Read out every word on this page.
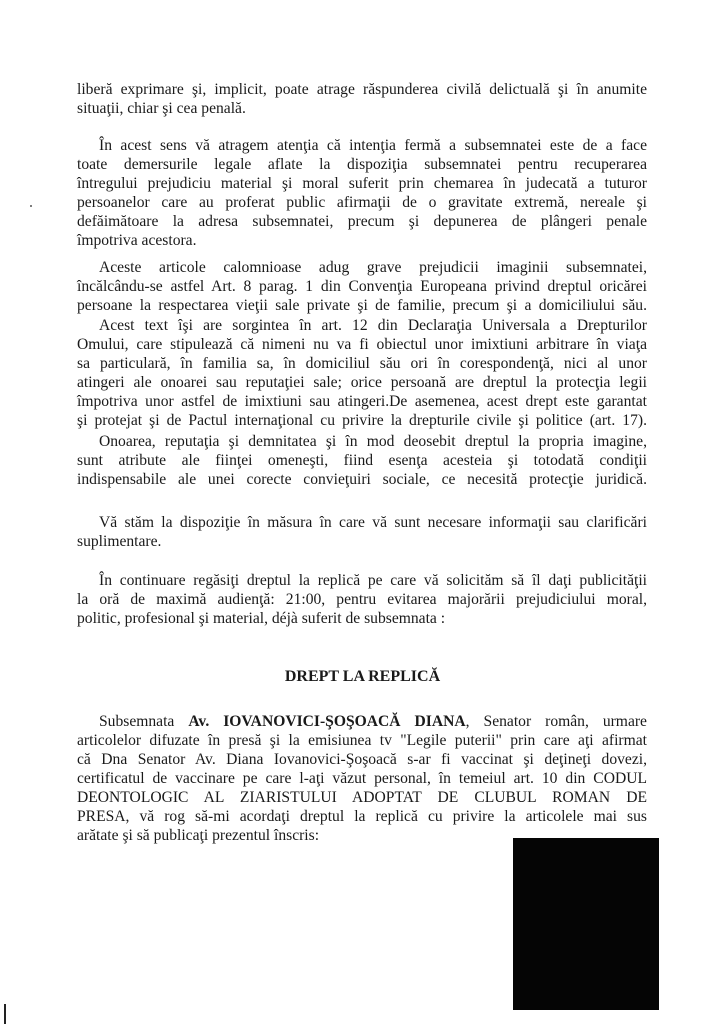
liberă exprimare şi, implicit, poate atrage răspunderea civilă delictuală şi în anumite
situaţii, chiar şi cea penală.
În acest sens vă atragem atenţia că intenţia fermă a subsemnatei este de a face
toate demersurile legale aflate la dispoziţia subsemnatei pentru recuperarea
întregului prejudiciu material şi moral suferit prin chemarea în judecată a tuturor
persoanelor care au proferat public afirmaţii de o gravitate extremă, nereale şi
defăimătoare la adresa subsemnatei, precum şi depunerea de plângeri penale
împotriva acestora.
Aceste articole calomnioase adug grave prejudicii imaginii subsemnatei,
încălcându-se astfel Art. 8 parag. 1 din Convenţia Europeana privind dreptul oricărei
persoane la respectarea vieţii sale private şi de familie, precum şi a domiciliului său.
Acest text îşi are sorgintea în art. 12 din Declaraţia Universala a Drepturilor
Omului, care stipulează că nimeni nu va fi obiectul unor imixtiuni arbitrare în viaţa
sa particulară, în familia sa, în domiciliul său ori în corespondenţă, nici al unor
atingeri ale onoarei sau reputaţiei sale; orice persoană are dreptul la protecţia legii
împotriva unor astfel de imixtiuni sau atingeri.De asemenea, acest drept este garantat
şi protejat şi de Pactul internaţional cu privire la drepturile civile şi politice (art. 17).
Onoarea, reputaţia şi demnitatea şi în mod deosebit dreptul la propria imagine,
sunt atribute ale fiinţei omeneşti, fiind esenţa acesteia şi totodată condiţii
indispensabile ale unei corecte convieţuiri sociale, ce necesită protecţie juridică.
Vă stăm la dispoziţie în măsura în care vă sunt necesare informaţii sau clarificări
suplimentare.
În continuare regăsiţi dreptul la replică pe care vă solicităm să îl daţi publicităţii
la oră de maximă audienţă: 21:00, pentru evitarea majorării prejudiciului moral,
politic, profesional şi material, déjà suferit de subsemnata :
DREPT LA REPLICĂ
Subsemnata Av. IOVANOVICI-ŞOŞOACĂ DIANA, Senator român, urmare
articolelor difuzate în presă şi la emisiunea tv "Legile puterii" prin care aţi afirmat
că Dna Senator Av. Diana Iovanovici-Şoşoacă s-ar fi vaccinat şi deţineţi dovezi,
certificatul de vaccinare pe care l-aţi văzut personal, în temeiul art. 10 din CODUL
DEONTOLOGIC AL ZIARISTULUI ADOPTAT DE CLUBUL ROMAN DE
PRESA, vă rog să-mi acordaţi dreptul la replică cu privire la articolele mai sus
arătate şi să publicaţi prezentul înscris:
